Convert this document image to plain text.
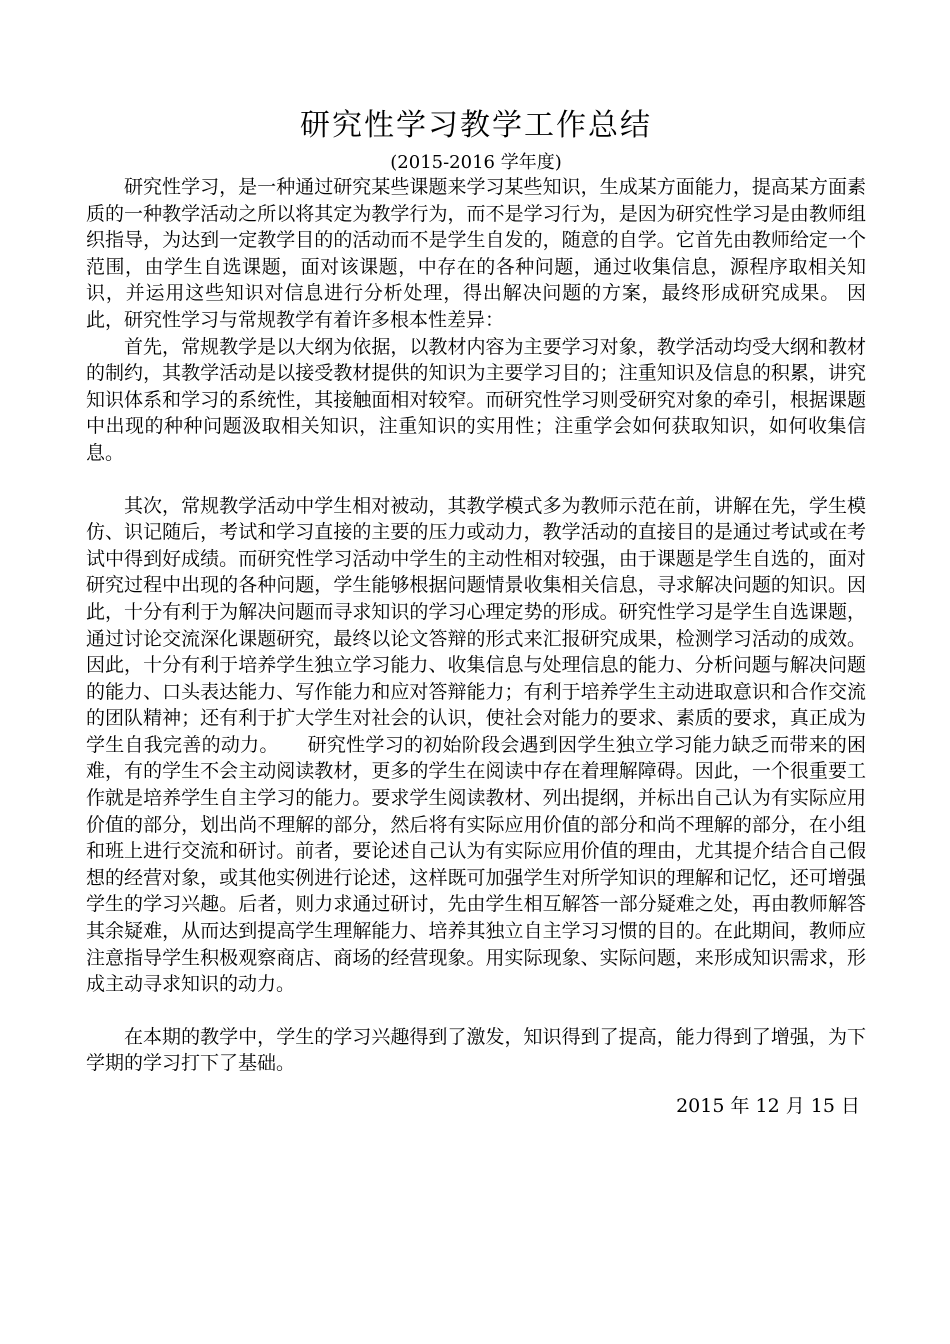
研究性学习教学工作总结

(2015-2016 学年度)

研究性学习，是一种通过研究某些课题来学习某些知识，生成某方面能力，提高某方面素质的一种教学活动之所以将其定为教学行为，而不是学习行为，是因为研究性学习是由教师组织指导，为达到一定教学目的的活动而不是学生自发的，随意的自学。它首先由教师给定一个范围，由学生自选课题，面对该课题，中存在的各种问题，通过收集信息，源程序取相关知识，并运用这些知识对信息进行分析处理，得出解决问题的方案，最终形成研究成果。 因此，研究性学习与常规教学有着许多根本性差异：

首先，常规教学是以大纲为依据，以教材内容为主要学习对象，教学活动均受大纲和教材的制约，其教学活动是以接受教材提供的知识为主要学习目的；注重知识及信息的积累，讲究知识体系和学习的系统性，其接触面相对较窄。而研究性学习则受研究对象的牵引，根据课题中出现的种种问题汲取相关知识，注重知识的实用性；注重学会如何获取知识，如何收集信息。

其次，常规教学活动中学生相对被动，其教学模式多为教师示范在前，讲解在先，学生模仿、识记随后，考试和学习直接的主要的压力或动力，教学活动的直接目的是通过考试或在考试中得到好成绩。而研究性学习活动中学生的主动性相对较强，由于课题是学生自选的，面对研究过程中出现的各种问题，学生能够根据问题情景收集相关信息，寻求解决问题的知识。因此，十分有利于为解决问题而寻求知识的学习心理定势的形成。研究性学习是学生自选课题，通过讨论交流深化课题研究，最终以论文答辩的形式来汇报研究成果，检测学习活动的成效。因此，十分有利于培养学生独立学习能力、收集信息与处理信息的能力、分析问题与解决问题的能力、口头表达能力、写作能力和应对答辩能力；有利于培养学生主动进取意识和合作交流的团队精神；还有利于扩大学生对社会的认识，使社会对能力的要求、素质的要求，真正成为学生自我完善的动力。　　研究性学习的初始阶段会遇到因学生独立学习能力缺乏而带来的困难，有的学生不会主动阅读教材，更多的学生在阅读中存在着理解障碍。因此，一个很重要工作就是培养学生自主学习的能力。要求学生阅读教材、列出提纲，并标出自己认为有实际应用价值的部分，划出尚不理解的部分，然后将有实际应用价值的部分和尚不理解的部分，在小组和班上进行交流和研讨。前者，要论述自己认为有实际应用价值的理由，尤其提介结合自己假想的经营对象，或其他实例进行论述，这样既可加强学生对所学知识的理解和记忆，还可增强学生的学习兴趣。后者，则力求通过研讨，先由学生相互解答一部分疑难之处，再由教师解答其余疑难，从而达到提高学生理解能力、培养其独立自主学习习惯的目的。在此期间，教师应注意指导学生积极观察商店、商场的经营现象。用实际现象、实际问题，来形成知识需求，形成主动寻求知识的动力。

在本期的教学中，学生的学习兴趣得到了激发，知识得到了提高，能力得到了增强，为下学期的学习打下了基础。

2015 年 12 月 15 日
